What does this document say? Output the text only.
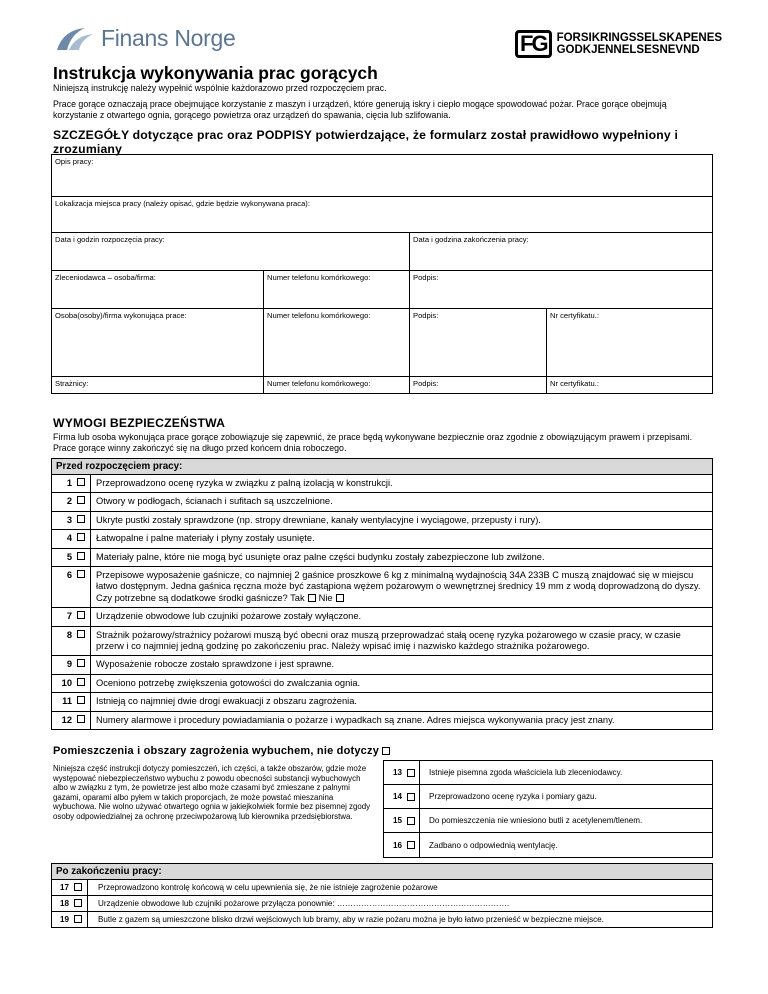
Finans Norge	FG FORSIKRINGSSELSKAPENES
GODKJENNELSESNEVND
Instrukcja wykonywania prac gorących
Niniejszą instrukcję należy wypełnić wspólnie każdorazowo przed rozpoczęciem prac.
Prace gorące oznaczają prace obejmujące korzystanie z maszyn i urządzeń, które generują iskry i ciepło mogące spowodować pożar. Prace gorące obejmują korzystanie z otwartego ognia, gorącego powietrza oraz urządzeń do spawania, cięcia lub szlifowania.
SZCZEGÓŁY dotyczące prac oraz PODPISY potwierdzające, że formularz został prawidłowo wypełniony i zrozumiany
Opis pracy:
Lokalizacja miejsca pracy (należy opisać, gdzie będzie wykonywana praca):
Data i godzin rozpoczęcia pracy:	Data i godzina zakończenia pracy:
Zleceniodawca – osoba/firma:	Numer telefonu komórkowego:	Podpis:
Osoba(osoby)/firma wykonująca prace:	Numer telefonu komórkowego:	Podpis:	Nr certyfikatu.:
Strażnicy:	Numer telefonu komórkowego:	Podpis:	Nr certyfikatu.:
WYMOGI BEZPIECZEŃSTWA
Firma lub osoba wykonująca prace gorące zobowiązuje się zapewnić, że prace będą wykonywane bezpiecznie oraz zgodnie z obowiązującym prawem i przepisami. Prace gorące winny zakończyć się na długo przed końcem dnia roboczego.
Przed rozpoczęciem pracy:
1	Przeprowadzono ocenę ryzyka w związku z palną izolacją w konstrukcji.
2	Otwory w podłogach, ścianach i sufitach są uszczelnione.
3	Ukryte pustki zostały sprawdzone (np. stropy drewniane, kanały wentylacyjne i wyciągowe, przepusty i rury).
4	Łatwopalne i palne materiały i płyny zostały usunięte.
5	Materiały palne, które nie mogą być usunięte oraz palne części budynku zostały zabezpieczone lub zwilżone.
6	Przepisowe wyposażenie gaśnicze, co najmniej 2 gaśnice proszkowe 6 kg z minimalną wydajnością 34A 233B C muszą znajdować się w miejscu łatwo dostępnym. Jedna gaśnica ręczna może być zastąpiona wężem pożarowym o wewnętrznej średnicy 19 mm z wodą doprowadzoną do dyszy. Czy potrzebne są dodatkowe środki gaśnicze? Tak Nie
7	Urządzenie obwodowe lub czujniki pożarowe zostały wyłączone.
8	Strażnik pożarowy/strażnicy pożarowi muszą być obecni oraz muszą przeprowadzać stałą ocenę ryzyka pożarowego w czasie pracy, w czasie przerw i co najmniej jedną godzinę po zakończeniu prac. Należy wpisać imię i nazwisko każdego strażnika pożarowego.
9	Wyposażenie robocze zostało sprawdzone i jest sprawne.
10	Oceniono potrzebę zwiększenia gotowości do zwalczania ognia.
11	Istnieją co najmniej dwie drogi ewakuacji z obszaru zagrożenia.
12	Numery alarmowe i procedury powiadamiania o pożarze i wypadkach są znane. Adres miejsca wykonywania pracy jest znany.
Pomieszczenia i obszary zagrożenia wybuchem, nie dotyczy
Niniejsza część instrukcji dotyczy pomieszczeń, ich części, a także obszarów, gdzie może występować niebezpieczeństwo wybuchu z powodu obecności substancji wybuchowych albo w związku z tym, że powietrze jest albo może czasami być zmieszane z palnymi gazami, oparami albo pyłem w takich proporcjach, że może powstać mieszanina wybuchowa. Nie wolno używać otwartego ognia w jakiejkolwiek formie bez pisemnej zgody osoby odpowiedzialnej za ochronę przeciwpożarową lub kierownika przedsiębiorstwa.
13	Istnieje pisemna zgoda właściciela lub zleceniodawcy.
14	Przeprowadzono ocenę ryzyka i pomiary gazu.
15	Do pomieszczenia nie wniesiono butli z acetylenem/tlenem.
16	Zadbano o odpowiednią wentylację.
Po zakończeniu pracy:
17	Przeprowadzono kontrolę końcową w celu upewnienia się, że nie istnieje zagrożenie pożarowe
18	Urządzenie obwodowe lub czujniki pożarowe przyłącza ponownie: ……………………………………………………….
19	Butle z gazem są umieszczone blisko drzwi wejściowych lub bramy, aby w razie pożaru można je było łatwo przenieść w bezpieczne miejsce.
